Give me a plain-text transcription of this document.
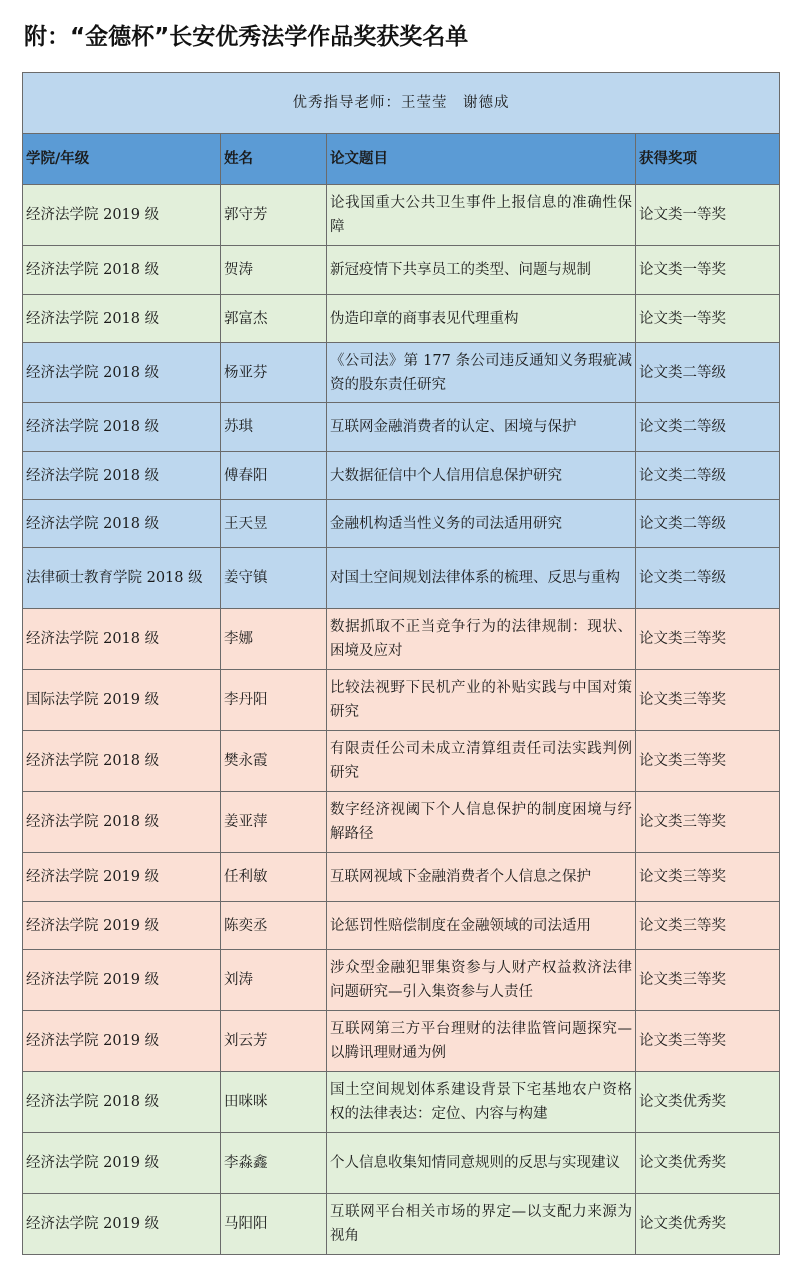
附：“金德杯”长安优秀法学作品奖获奖名单
优秀指导老师：王莹莹　谢德成			
学院/年级	姓名	论文题目	获得奖项
经济法学院 2019 级	郭守芳	论我国重大公共卫生事件上报信息的准确性保障	论文类一等奖
经济法学院 2018 级	贺涛	新冠疫情下共享员工的类型、问题与规制	论文类一等奖
经济法学院 2018 级	郭富杰	伪造印章的商事表见代理重构	论文类一等奖
经济法学院 2018 级	杨亚芬	《公司法》第 177 条公司违反通知义务瑕疵减资的股东责任研究	论文类二等级
经济法学院 2018 级	苏琪	互联网金融消费者的认定、困境与保护	论文类二等级
经济法学院 2018 级	傅春阳	大数据征信中个人信用信息保护研究	论文类二等级
经济法学院 2018 级	王天昱	金融机构适当性义务的司法适用研究	论文类二等级
法律硕士教育学院 2018 级	姜守镇	对国土空间规划法律体系的梳理、反思与重构	论文类二等级
经济法学院 2018 级	李娜	数据抓取不正当竞争行为的法律规制：现状、困境及应对	论文类三等奖
国际法学院 2019 级	李丹阳	比较法视野下民机产业的补贴实践与中国对策研究	论文类三等奖
经济法学院 2018 级	樊永霞	有限责任公司未成立清算组责任司法实践判例研究	论文类三等奖
经济法学院 2018 级	姜亚萍	数字经济视阈下个人信息保护的制度困境与纾解路径	论文类三等奖
经济法学院 2019 级	任利敏	互联网视域下金融消费者个人信息之保护	论文类三等奖
经济法学院 2019 级	陈奕丞	论惩罚性赔偿制度在金融领域的司法适用	论文类三等奖
经济法学院 2019 级	刘涛	涉众型金融犯罪集资参与人财产权益救济法律问题研究—引入集资参与人责任	论文类三等奖
经济法学院 2019 级	刘云芳	互联网第三方平台理财的法律监管问题探究—以腾讯理财通为例	论文类三等奖
经济法学院 2018 级	田咪咪	国土空间规划体系建设背景下宅基地农户资格权的法律表达：定位、内容与构建	论文类优秀奖
经济法学院 2019 级	李淼鑫	个人信息收集知情同意规则的反思与实现建议	论文类优秀奖
经济法学院 2019 级	马阳阳	互联网平台相关市场的界定—以支配力来源为视角	论文类优秀奖
